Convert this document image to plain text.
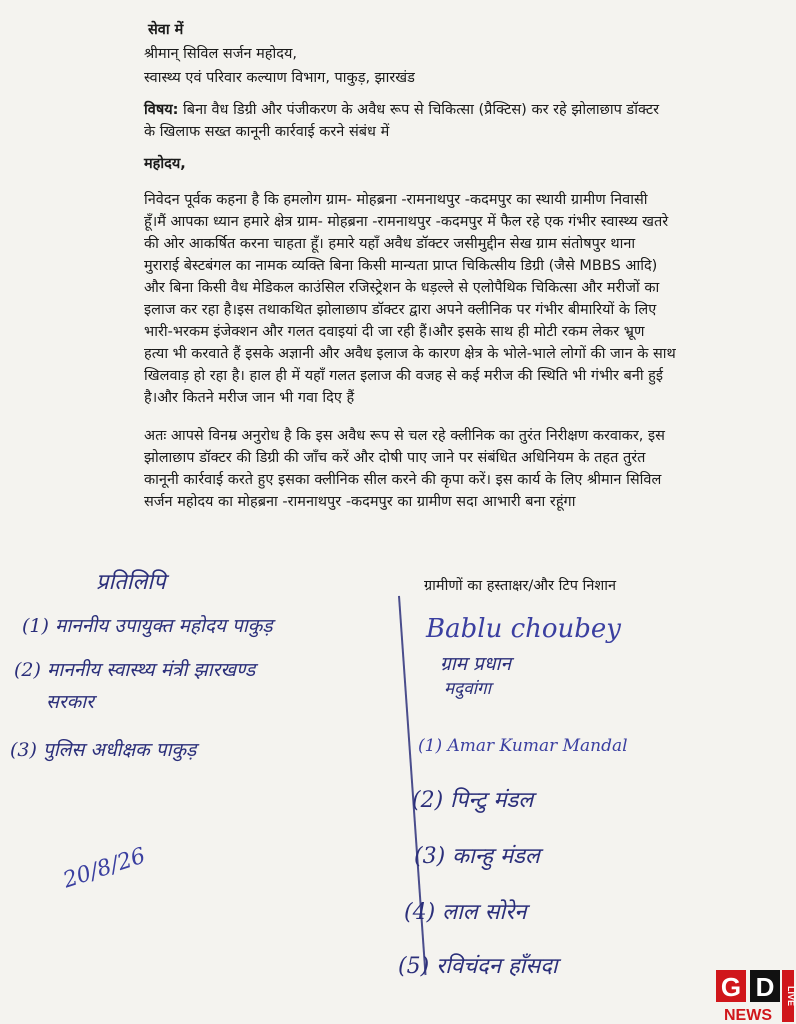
सेवा में
श्रीमान् सिविल सर्जन महोदय,
स्वास्थ्य एवं परिवार कल्याण विभाग, पाकुड़, झारखंड
विषय: बिना वैध डिग्री और पंजीकरण के अवैध रूप से चिकित्सा (प्रैक्टिस) कर रहे झोलाछाप डॉक्टर
के खिलाफ सख्त कानूनी कार्रवाई करने संबंध में
महोदय,
निवेदन पूर्वक कहना है कि हमलोग ग्राम- मोहब्रना -रामनाथपुर -कदमपुर का स्थायी ग्रामीण निवासी
हूँ।मैं आपका ध्यान हमारे क्षेत्र ग्राम- मोहब्रना -रामनाथपुर -कदमपुर में फैल रहे एक गंभीर स्वास्थ्य खतरे
की ओर आकर्षित करना चाहता हूँ। हमारे यहाँ अवैध डॉक्टर जसीमुद्दीन सेख ग्राम संतोषपुर थाना
मुराराई बेस्टबंगल का नामक व्यक्ति बिना किसी मान्यता प्राप्त चिकित्सीय डिग्री (जैसे MBBS आदि)
और बिना किसी वैध मेडिकल काउंसिल रजिस्ट्रेशन के धड़ल्ले से एलोपैथिक चिकित्सा और मरीजों का
इलाज कर रहा है।इस तथाकथित झोलाछाप डॉक्टर द्वारा अपने क्लीनिक पर गंभीर बीमारियों के लिए
भारी-भरकम इंजेक्शन और गलत दवाइयां दी जा रही हैं।और इसके साथ ही मोटी रकम लेकर भ्रूण
हत्या भी करवाते हैं इसके अज्ञानी और अवैध इलाज के कारण क्षेत्र के भोले-भाले लोगों की जान के साथ
खिलवाड़ हो रहा है। हाल ही में यहाँ गलत इलाज की वजह से कई मरीज की स्थिति भी गंभीर बनी हुई
है।और कितने मरीज जान भी गवा दिए हैं
अतः आपसे विनम्र अनुरोध है कि इस अवैध रूप से चल रहे क्लीनिक का तुरंत निरीक्षण करवाकर, इस
झोलाछाप डॉक्टर की डिग्री की जाँच करें और दोषी पाए जाने पर संबंधित अधिनियम के तहत तुरंत
कानूनी कार्रवाई करते हुए इसका क्लीनिक सील करने की कृपा करें। इस कार्य के लिए श्रीमान सिविल
सर्जन महोदय का मोहब्रना -रामनाथपुर -कदमपुर का ग्रामीण सदा आभारी बना रहूंगा
ग्रामीणों का हस्ताक्षर/और टिप निशान
प्रतिलिपि
(1) माननीय उपायुक्त महोदय पाकुड़
(2) माननीय स्वास्थ्य मंत्री झारखण्ड
सरकार
(3) पुलिस अधीक्षक पाकुड़
20/8/26
Bablu choubey
ग्राम प्रधान
मदुवांगा
(1) Amar Kumar Mandal
(2) पिन्टु मंडल
(3) कान्हु मंडल
(4) लाल सोरेन
(5) रविचंदन हाँसदा
G D
NEWS
LIVE
